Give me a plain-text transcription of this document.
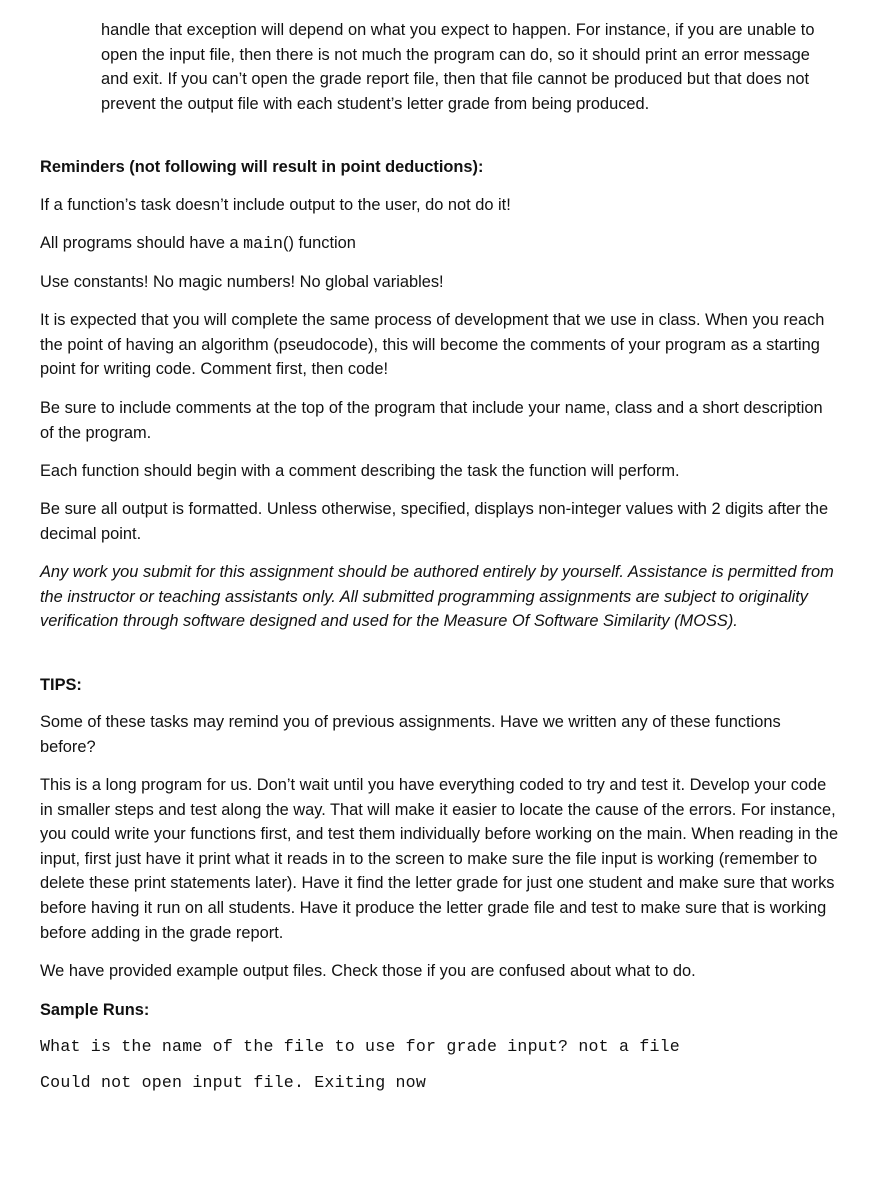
handle that exception will depend on what you expect to happen. For instance, if you are unable to open the input file, then there is not much the program can do, so it should print an error message and exit. If you can’t open the grade report file, then that file cannot be produced but that does not prevent the output file with each student’s letter grade from being produced.

Reminders (not following will result in point deductions):

If a function’s task doesn’t include output to the user, do not do it!

All programs should have a main() function

Use constants! No magic numbers! No global variables!

It is expected that you will complete the same process of development that we use in class. When you reach the point of having an algorithm (pseudocode), this will become the comments of your program as a starting point for writing code. Comment first, then code!

Be sure to include comments at the top of the program that include your name, class and a short description of the program.

Each function should begin with a comment describing the task the function will perform.

Be sure all output is formatted. Unless otherwise, specified, displays non-integer values with 2 digits after the decimal point.

Any work you submit for this assignment should be authored entirely by yourself. Assistance is permitted from the instructor or teaching assistants only. All submitted programming assignments are subject to originality verification through software designed and used for the Measure Of Software Similarity (MOSS).

TIPS:

Some of these tasks may remind you of previous assignments. Have we written any of these functions before?

This is a long program for us. Don’t wait until you have everything coded to try and test it. Develop your code in smaller steps and test along the way. That will make it easier to locate the cause of the errors. For instance, you could write your functions first, and test them individually before working on the main. When reading in the input, first just have it print what it reads in to the screen to make sure the file input is working (remember to delete these print statements later). Have it find the letter grade for just one student and make sure that works before having it run on all students. Have it produce the letter grade file and test to make sure that is working before adding in the grade report.

We have provided example output files. Check those if you are confused about what to do.

Sample Runs:

What is the name of the file to use for grade input? not a file

Could not open input file. Exiting now
